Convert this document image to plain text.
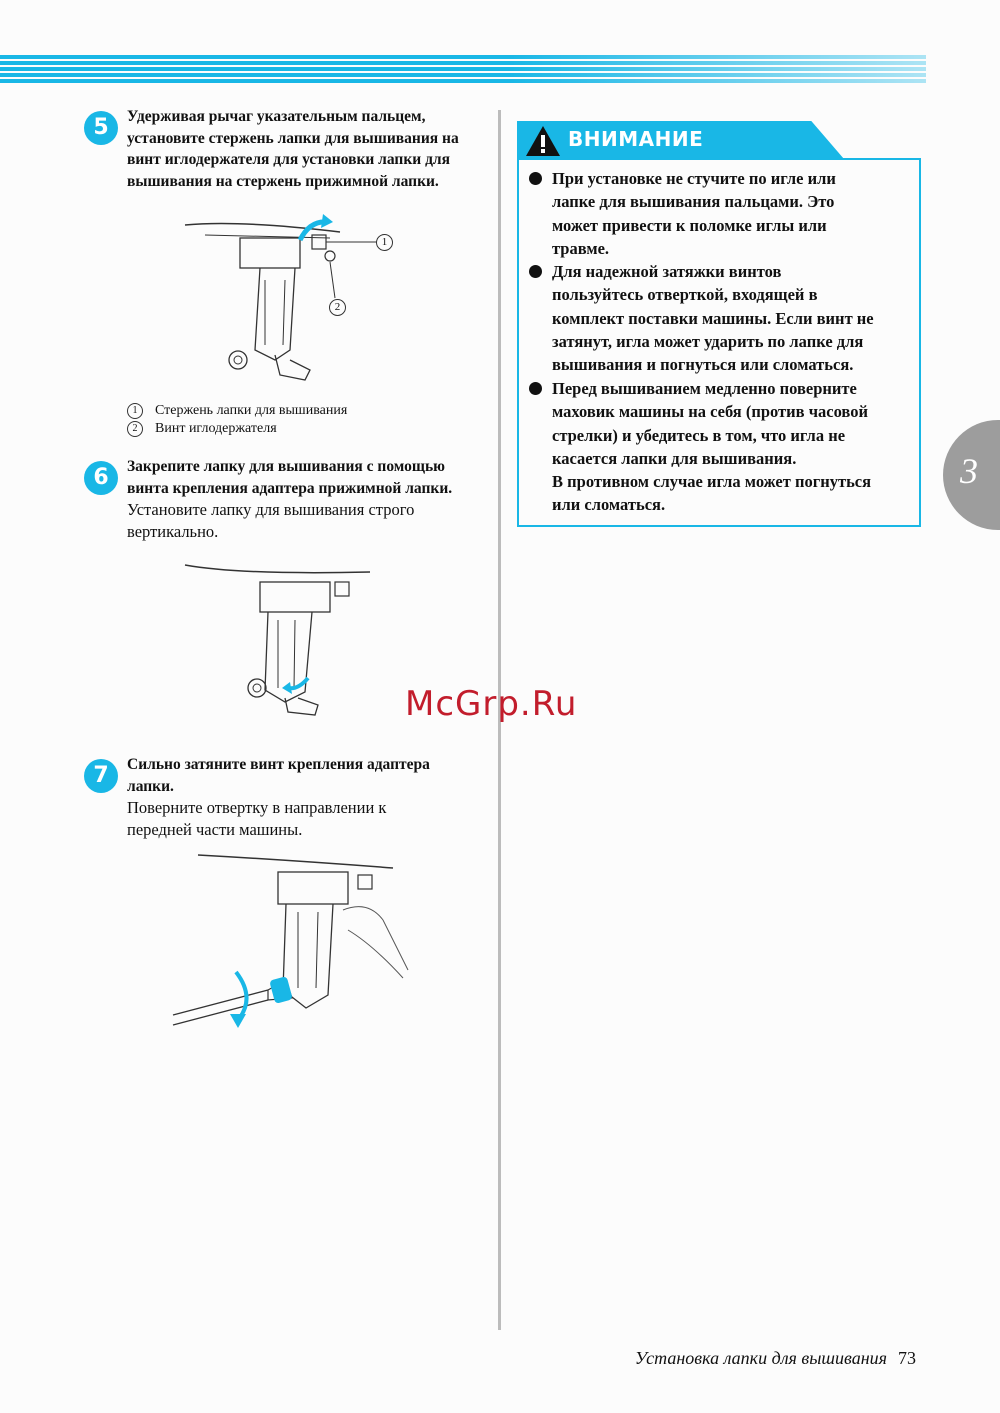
5	Удерживая рычаг указательным пальцем,
установите стержень лапки для вышивания на
винт иглодержателя для установки лапки для
вышивания на стержень прижимной лапки.
1
2
1 Стержень лапки для вышивания
2 Винт иглодержателя
6	Закрепите лапку для вышивания с помощью
винта крепления адаптера прижимной лапки.
Установите лапку для вышивания строго
вертикально.
7	Сильно затяните винт крепления адаптера
лапки.
Поверните отвертку в направлении к
передней части машины.
ВНИМАНИЕ
При установке не стучите по игле или
лапке для вышивания пальцами. Это
может привести к поломке иглы или
травме.
Для надежной затяжки винтов
пользуйтесь отверткой, входящей в
комплект поставки машины. Если винт не
затянут, игла может ударить по лапке для
вышивания и погнуться или сломаться.
Перед вышиванием медленно поверните
маховик машины на себя (против часовой
стрелки) и убедитесь в том, что игла не
касается лапки для вышивания.
В противном случае игла может погнуться
или сломаться.
3
McGrp.Ru
Установка лапки для вышивания 73
